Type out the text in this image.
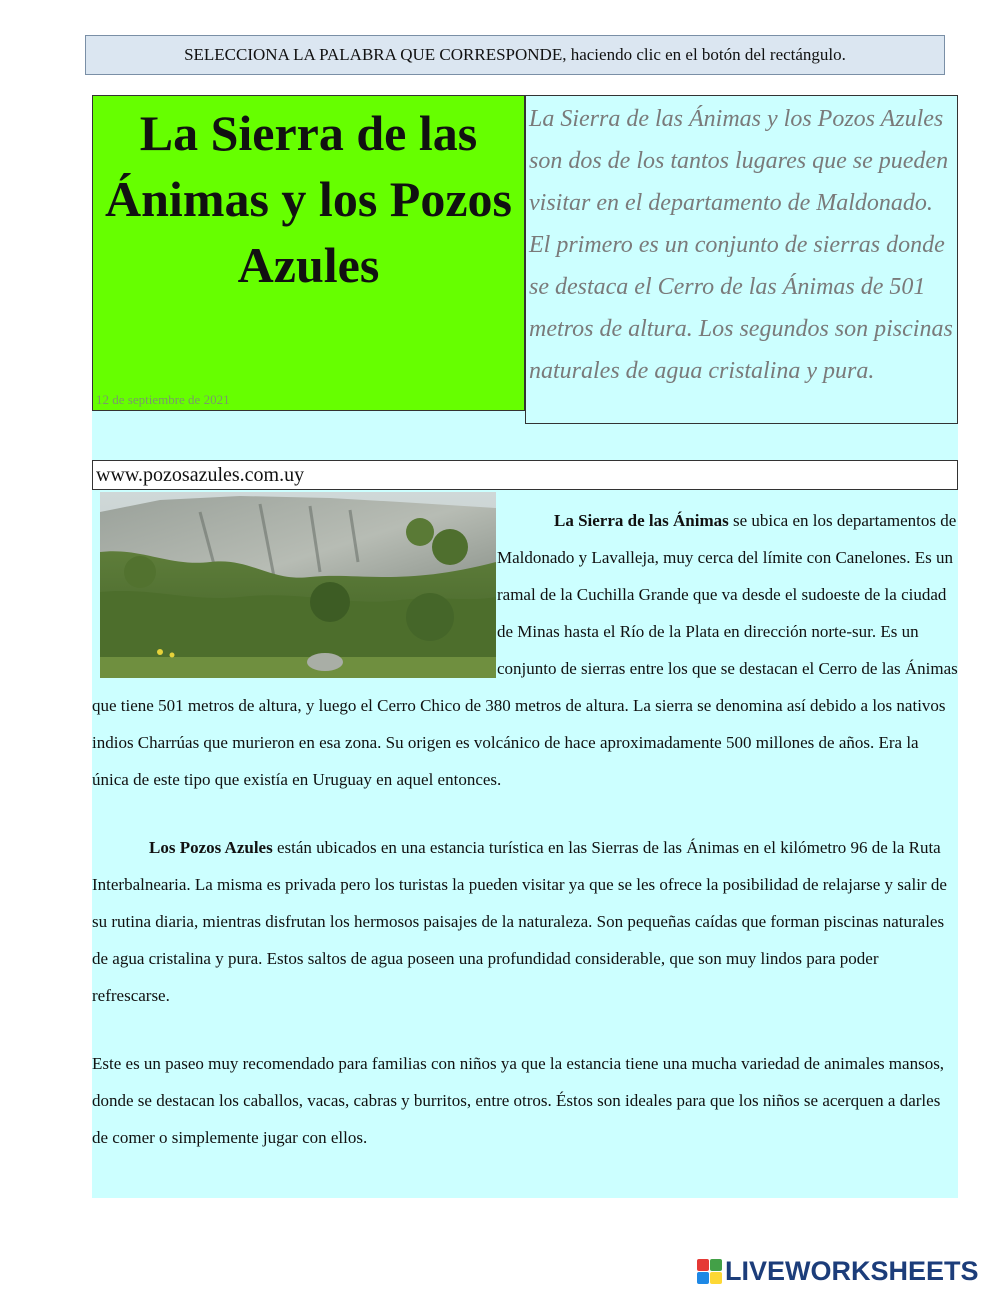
SELECCIONA LA PALABRA QUE CORRESPONDE, haciendo clic en el botón del rectángulo.
La Sierra de las Ánimas y los Pozos Azules
12 de septiembre de 2021
La Sierra de las Ánimas y los Pozos Azules son dos de los tantos lugares que se pueden visitar en el departamento de Maldonado. El primero es un conjunto de sierras donde se destaca el Cerro de las Ánimas de 501 metros de altura. Los segundos son piscinas naturales de agua cristalina y pura.
www.pozosazules.com.uy

La Sierra de las Ánimas se ubica en los departamentos de Maldonado y Lavalleja, muy cerca del límite con Canelones. Es un ramal de la Cuchilla Grande que va desde el sudoeste de la ciudad de Minas hasta el Río de la Plata en dirección norte-sur. Es un conjunto de sierras entre los que se destacan el Cerro de las Ánimas que tiene 501 metros de altura, y luego el Cerro Chico de 380 metros de altura. La sierra se denomina así debido a los nativos indios Charrúas que murieron en esa zona. Su origen es volcánico de hace aproximadamente 500 millones de años. Era la única de este tipo que existía en Uruguay en aquel entonces.

Los Pozos Azules están ubicados en una estancia turística en las Sierras de las Ánimas en el kilómetro 96 de la Ruta Interbalnearia. La misma es privada pero los turistas la pueden visitar ya que se les ofrece la posibilidad de relajarse y salir de su rutina diaria, mientras disfrutan los hermosos paisajes de la naturaleza. Son pequeñas caídas que forman piscinas naturales de agua cristalina y pura. Estos saltos de agua poseen una profundidad considerable, que son muy lindos para poder refrescarse.

Este es un paseo muy recomendado para familias con niños ya que la estancia tiene una mucha variedad de animales mansos, donde se destacan los caballos, vacas, cabras y burritos, entre otros. Éstos son ideales para que los niños se acerquen a darles de comer o simplemente jugar con ellos.

LIVEWORKSHEETS
